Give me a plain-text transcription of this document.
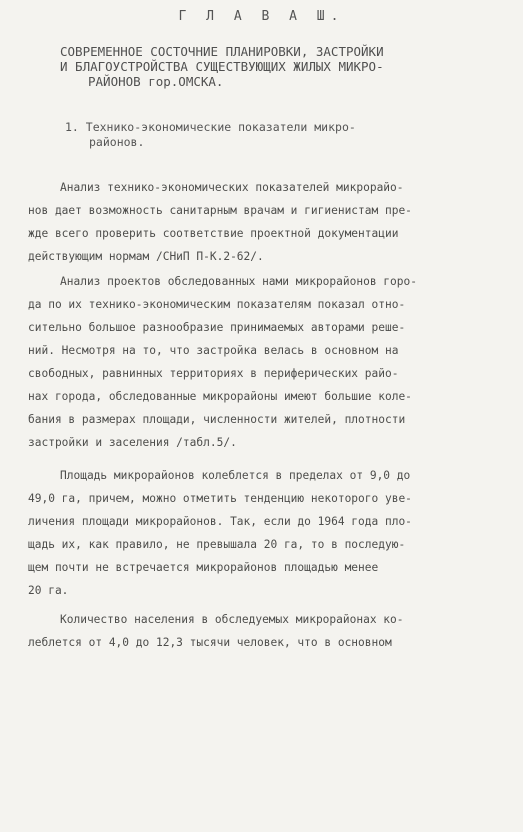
Г Л А В А Ш.
СОВРЕМЕННОЕ СОСТОЧНИЕ ПЛАНИРОВКИ, ЗАСТРОЙКИ
И БЛАГОУСТРОЙСТВА СУЩЕСТВУЮЩИХ ЖИЛЫХ МИКРО-
РАЙОНОВ гор.ОМСКА.
1. Технико-экономические показатели микро-
районов.
Анализ технико-экономических показателей микрорайо-
нов дает возможность санитарным врачам и гигиенистам пре-
жде всего проверить соответствие проектной документации
действующим нормам /СНиП П-К.2-62/.
Анализ проектов обследованных нами микрорайонов горо-
да по их технико-экономическим показателям показал отно-
сительно большое разнообразие принимаемых авторами реше-
ний. Несмотря на то, что застройка велась в основном на
свободных, равнинных территориях в периферических райо-
нах города, обследованные микрорайоны имеют большие коле-
бания в размерах площади, численности жителей, плотности
застройки и заселения /табл.5/.
Площадь микрорайонов колеблется в пределах от 9,0 до
49,0 га, причем, можно отметить тенденцию некоторого уве-
личения площади микрорайонов. Так, если до 1964 года пло-
щадь их, как правило, не превышала 20 га, то в последую-
щем почти не встречается микрорайонов площадью менее
20 га.
Количество населения в обследуемых микрорайонах ко-
леблется от 4,0 до 12,3 тысячи человек, что в основном
